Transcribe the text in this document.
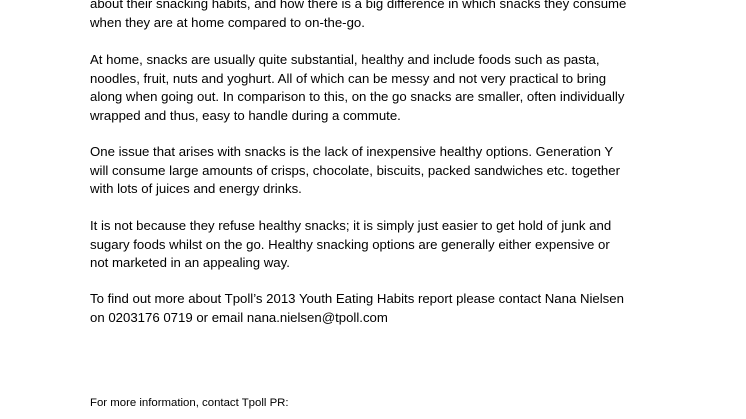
about their snacking habits, and how there is a big difference in which snacks they consume
when they are at home compared to on-the-go.

At home, snacks are usually quite substantial, healthy and include foods such as pasta,
noodles, fruit, nuts and yoghurt. All of which can be messy and not very practical to bring
along when going out. In comparison to this, on the go snacks are smaller, often individually
wrapped and thus, easy to handle during a commute.

One issue that arises with snacks is the lack of inexpensive healthy options. Generation Y
will consume large amounts of crisps, chocolate, biscuits, packed sandwiches etc. together
with lots of juices and energy drinks.

It is not because they refuse healthy snacks; it is simply just easier to get hold of junk and
sugary foods whilst on the go. Healthy snacking options are generally either expensive or
not marketed in an appealing way.

To find out more about Tpoll’s 2013 Youth Eating Habits report please contact Nana Nielsen
on 0203176 0719 or email nana.nielsen@tpoll.com

For more information, contact Tpoll PR:
